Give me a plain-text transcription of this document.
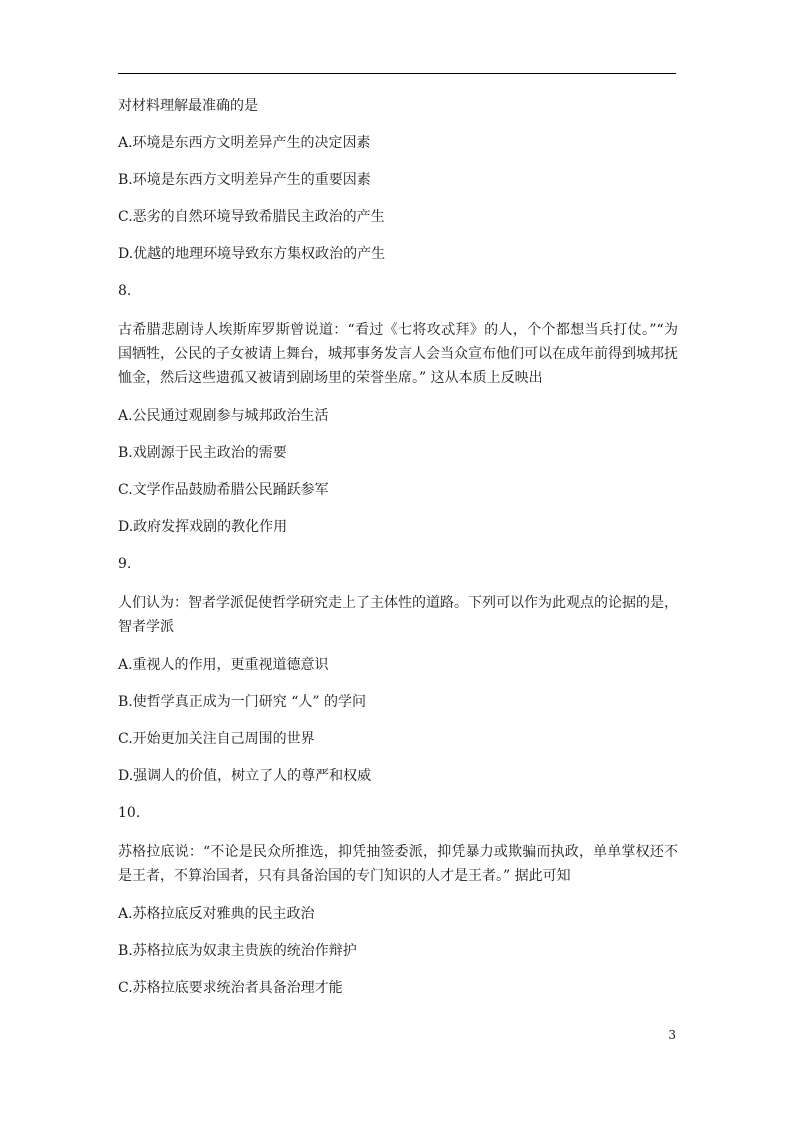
对材料理解最准确的是

A.环境是东西方文明差异产生的决定因素

B.环境是东西方文明差异产生的重要因素

C.恶劣的自然环境导致希腊民主政治的产生

D.优越的地理环境导致东方集权政治的产生

8.

古希腊悲剧诗人埃斯库罗斯曾说道：“看过《七将攻忒拜》的人，个个都想当兵打仗。”“为国牺牲，公民的子女被请上舞台，城邦事务发言人会当众宣布他们可以在成年前得到城邦抚恤金，然后这些遗孤又被请到剧场里的荣誉坐席。” 这从本质上反映出

A.公民通过观剧参与城邦政治生活

B.戏剧源于民主政治的需要

C.文学作品鼓励希腊公民踊跃参军

D.政府发挥戏剧的教化作用

9.

人们认为：智者学派促使哲学研究走上了主体性的道路。下列可以作为此观点的论据的是，智者学派

A.重视人的作用，更重视道德意识

B.使哲学真正成为一门研究 “人” 的学问

C.开始更加关注自己周围的世界

D.强调人的价值，树立了人的尊严和权威

10.

苏格拉底说：“不论是民众所推选，抑凭抽签委派，抑凭暴力或欺骗而执政，单单掌权还不是王者，不算治国者，只有具备治国的专门知识的人才是王者。” 据此可知

A.苏格拉底反对雅典的民主政治

B.苏格拉底为奴隶主贵族的统治作辩护

C.苏格拉底要求统治者具备治理才能

3
